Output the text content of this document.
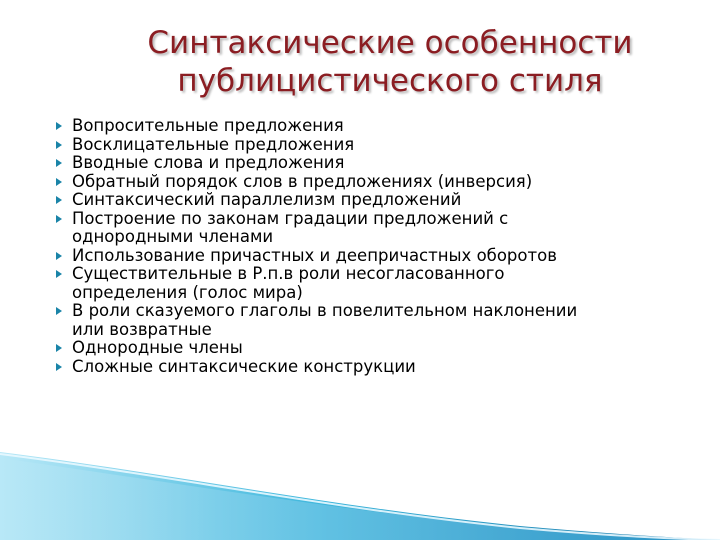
Синтаксические особенности
публицистического стиля
Вопросительные предложения
Восклицательные предложения
Вводные слова и предложения
Обратный порядок слов в предложениях (инверсия)
Синтаксический параллелизм предложений
Построение по законам градации предложений с
однородными членами
Использование причастных и деепричастных оборотов
Существительные в Р.п.в роли несогласованного
определения (голос мира)
В роли сказуемого глаголы в повелительном наклонении
или возвратные
Однородные члены
Сложные синтаксические конструкции
